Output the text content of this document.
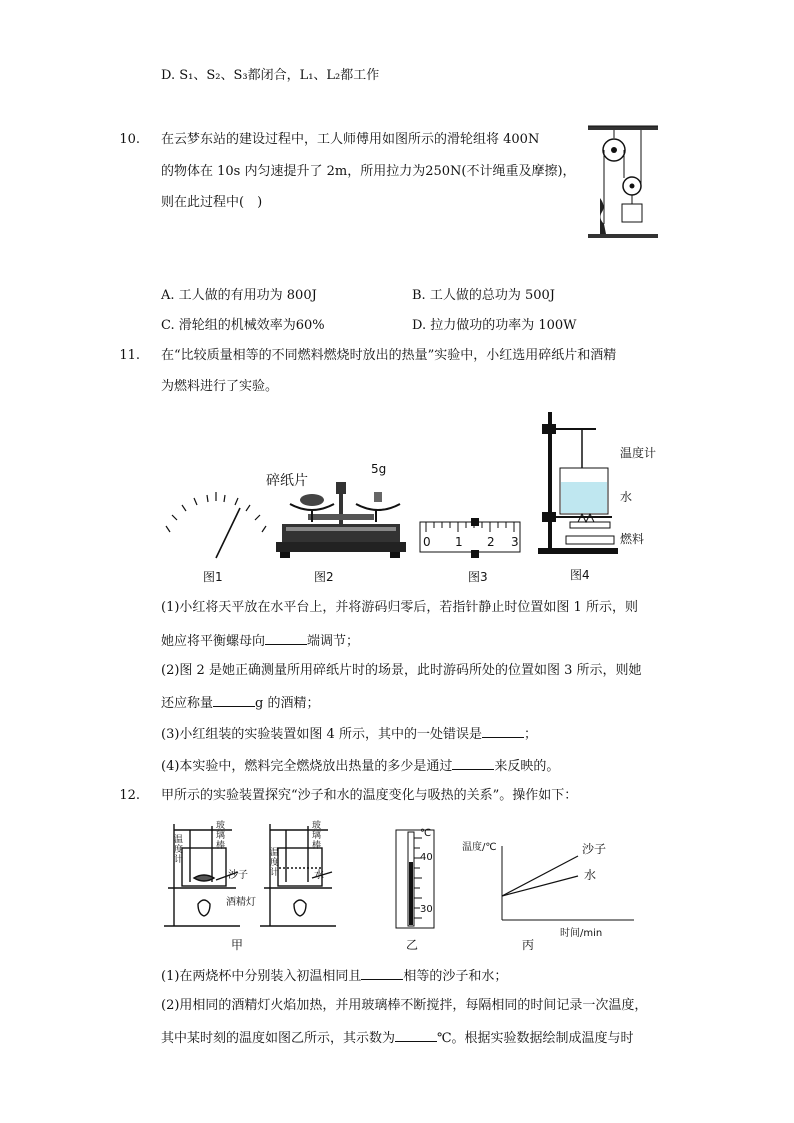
D. S₁、S₂、S₃都闭合，L₁、L₂都工作
10. 在云梦东站的建设过程中，工人师傅用如图所示的滑轮组将 400N
的物体在 10s 内匀速提升了 2m，所用拉力为250N(不计绳重及摩擦)，
则在此过程中(　)
A. 工人做的有用功为 800J	B. 工人做的总功为 500J
C. 滑轮组的机械效率为60%	D. 拉力做功的功率为 100W
11. 在“比较质量相等的不同燃料燃烧时放出的热量”实验中，小红选用碎纸片和酒精
为燃料进行了实验。
图1
碎纸片
5g
图2
0 1 2 3
图3
温度计
水
燃料
图4
(1)小红将天平放在水平台上，并将游码归零后，若指针静止时位置如图 1 所示，则
她应将平衡螺母向	端调节；
(2)图 2 是她正确测量所用碎纸片时的场景，此时游码所处的位置如图 3 所示，则她
还应称量	g 的酒精；
(3)小红组装的实验装置如图 4 所示，其中的一处错误是	；
(4)本实验中，燃料完全燃烧放出热量的多少是通过	来反映的。
12. 甲所示的实验装置探究“沙子和水的温度变化与吸热的关系”。操作如下：
温度计
温度计
玻璃棒
玻璃棒
沙子	水
酒精灯
甲
℃
40
30
乙
温度/℃	沙子
水
时间/min
丙
(1)在两烧杯中分别装入初温相同且	相等的沙子和水；
(2)用相同的酒精灯火焰加热，并用玻璃棒不断搅拌，每隔相同的时间记录一次温度，
其中某时刻的温度如图乙所示，其示数为	℃。根据实验数据绘制成温度与时
